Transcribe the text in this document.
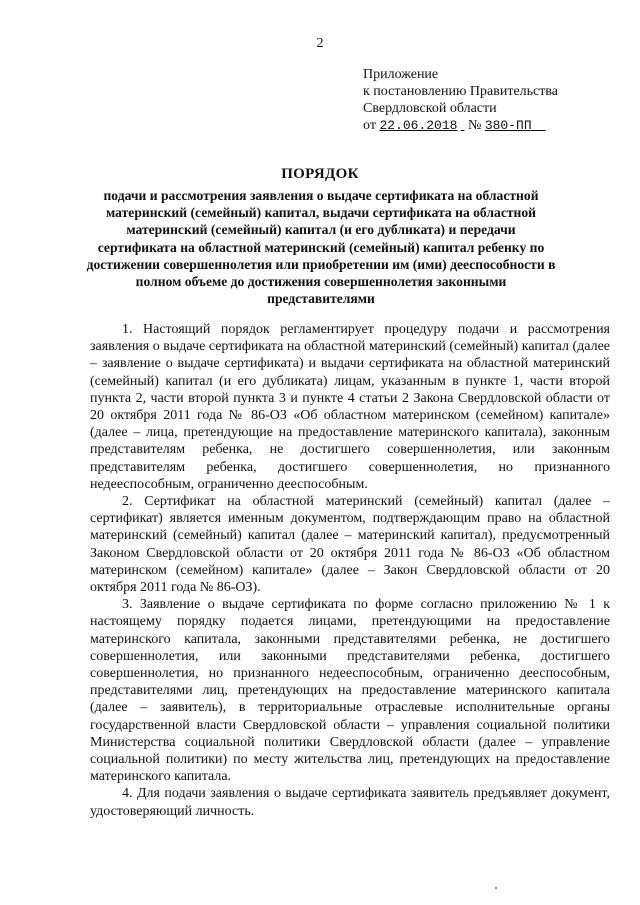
2
Приложение
к постановлению Правительства
Свердловской области
от 22.06.2018 № 380-ПП
ПОРЯДОК
подачи и рассмотрения заявления о выдаче сертификата на областной материнский (семейный) капитал, выдачи сертификата на областной материнский (семейный) капитал (и его дубликата) и передачи сертификата на областной материнский (семейный) капитал ребенку по достижении совершеннолетия или приобретении им (ими) дееспособности в полном объеме до достижения совершеннолетия законными представителями

1. Настоящий порядок регламентирует процедуру подачи и рассмотрения заявления о выдаче сертификата на областной материнский (семейный) капитал (далее – заявление о выдаче сертификата) и выдачи сертификата на областной материнский (семейный) капитал (и его дубликата) лицам, указанным в пункте 1, части второй пункта 2, части второй пункта 3 и пункте 4 статьи 2 Закона Свердловской области от 20 октября 2011 года № 86-ОЗ «Об областном материнском (семейном) капитале» (далее – лица, претендующие на предоставление материнского капитала), законным представителям ребенка, не достигшего совершеннолетия, или законным представителям ребенка, достигшего совершеннолетия, но признанного недееспособным, ограниченно дееспособным.

2. Сертификат на областной материнский (семейный) капитал (далее – сертификат) является именным документом, подтверждающим право на областной материнский (семейный) капитал (далее – материнский капитал), предусмотренный Законом Свердловской области от 20 октября 2011 года № 86-ОЗ «Об областном материнском (семейном) капитале» (далее – Закон Свердловской области от 20 октября 2011 года № 86-ОЗ).

3. Заявление о выдаче сертификата по форме согласно приложению № 1 к настоящему порядку подается лицами, претендующими на предоставление материнского капитала, законными представителями ребенка, не достигшего совершеннолетия, или законными представителями ребенка, достигшего совершеннолетия, но признанного недееспособным, ограниченно дееспособным, представителями лиц, претендующих на предоставление материнского капитала (далее – заявитель), в территориальные отраслевые исполнительные органы государственной власти Свердловской области – управления социальной политики Министерства социальной политики Свердловской области (далее – управление социальной политики) по месту жительства лиц, претендующих на предоставление материнского капитала.

4. Для подачи заявления о выдаче сертификата заявитель предъявляет документ, удостоверяющий личность.
